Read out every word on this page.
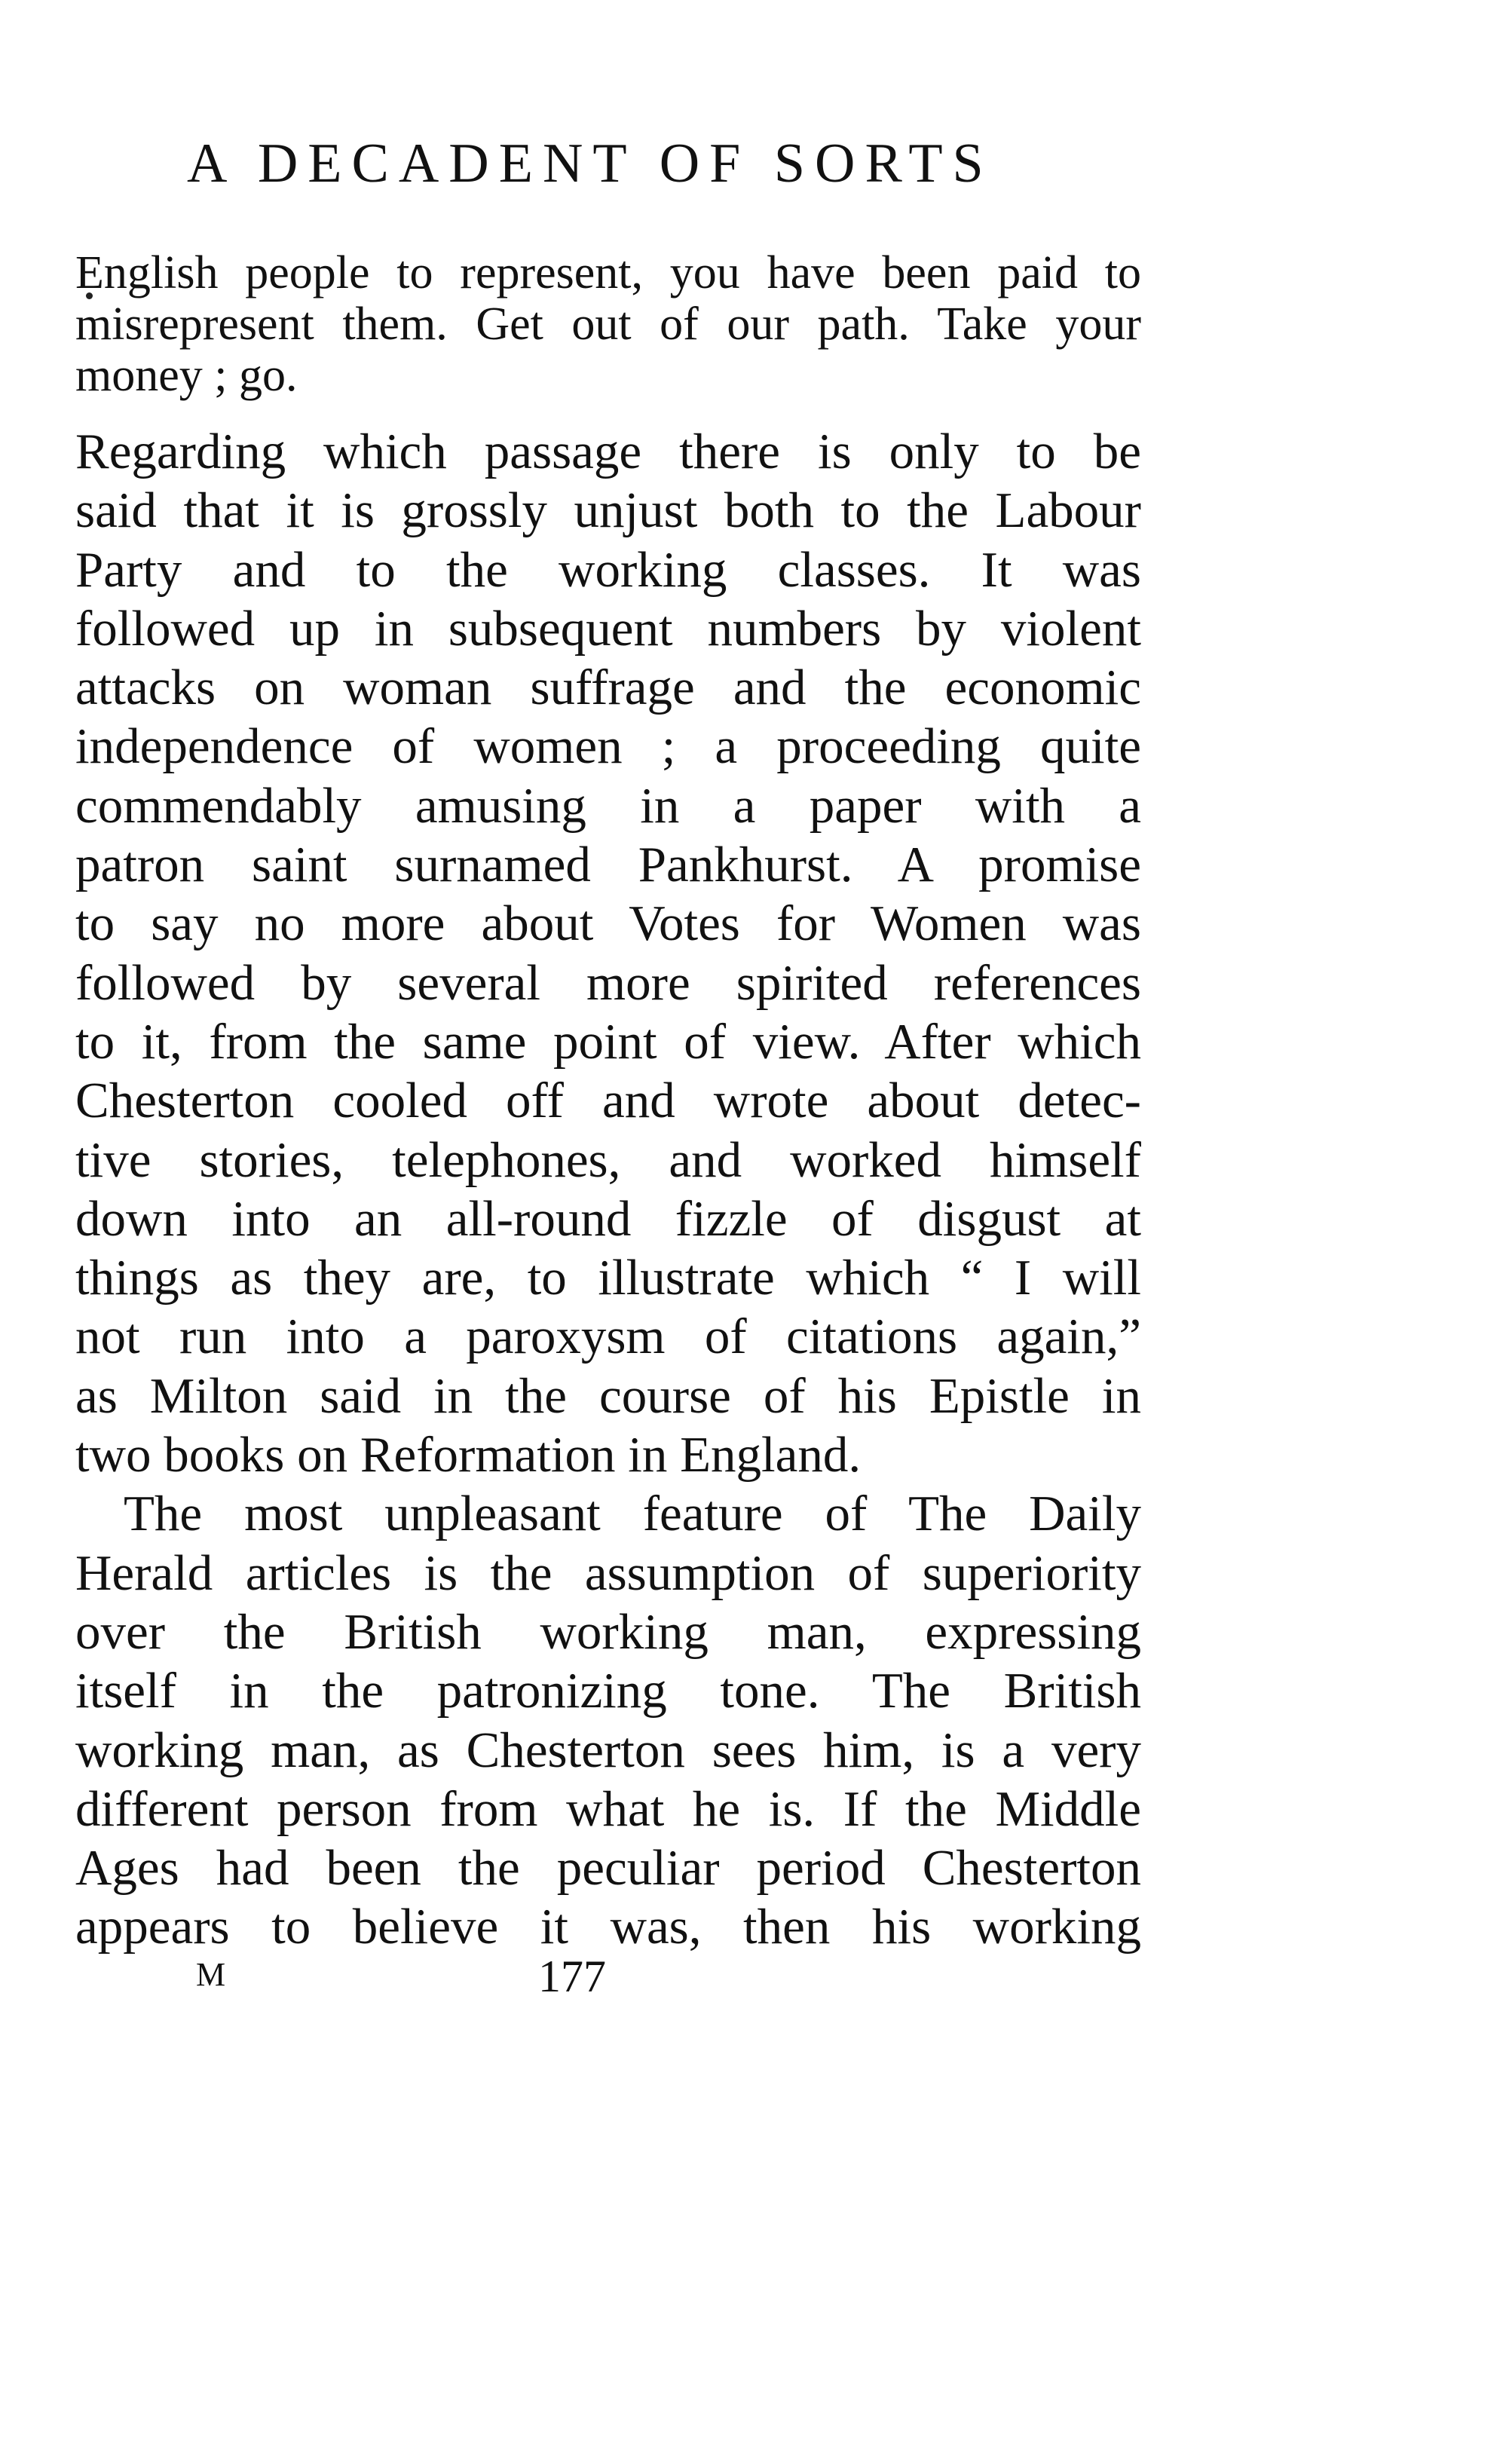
A DECADENT OF SORTS
English people to represent, you have been paid to
misrepresent them. Get out of our path. Take your
money ; go.
Regarding which passage there is only to be
said that it is grossly unjust both to the Labour
Party and to the working classes. It was
followed up in subsequent numbers by violent
attacks on woman suffrage and the economic
independence of women ; a proceeding quite
commendably amusing in a paper with a
patron saint surnamed Pankhurst. A promise
to say no more about Votes for Women was
followed by several more spirited references
to it, from the same point of view. After which
Chesterton cooled off and wrote about detec-
tive stories, telephones, and worked himself
down into an all-round fizzle of disgust at
things as they are, to illustrate which “ I will
not run into a paroxysm of citations again,”
as Milton said in the course of his Epistle in
two books on Reformation in England.
The most unpleasant feature of The Daily
Herald articles is the assumption of superiority
over the British working man, expressing
itself in the patronizing tone. The British
working man, as Chesterton sees him, is a very
different person from what he is. If the Middle
Ages had been the peculiar period Chesterton
appears to believe it was, then his working
M	177
